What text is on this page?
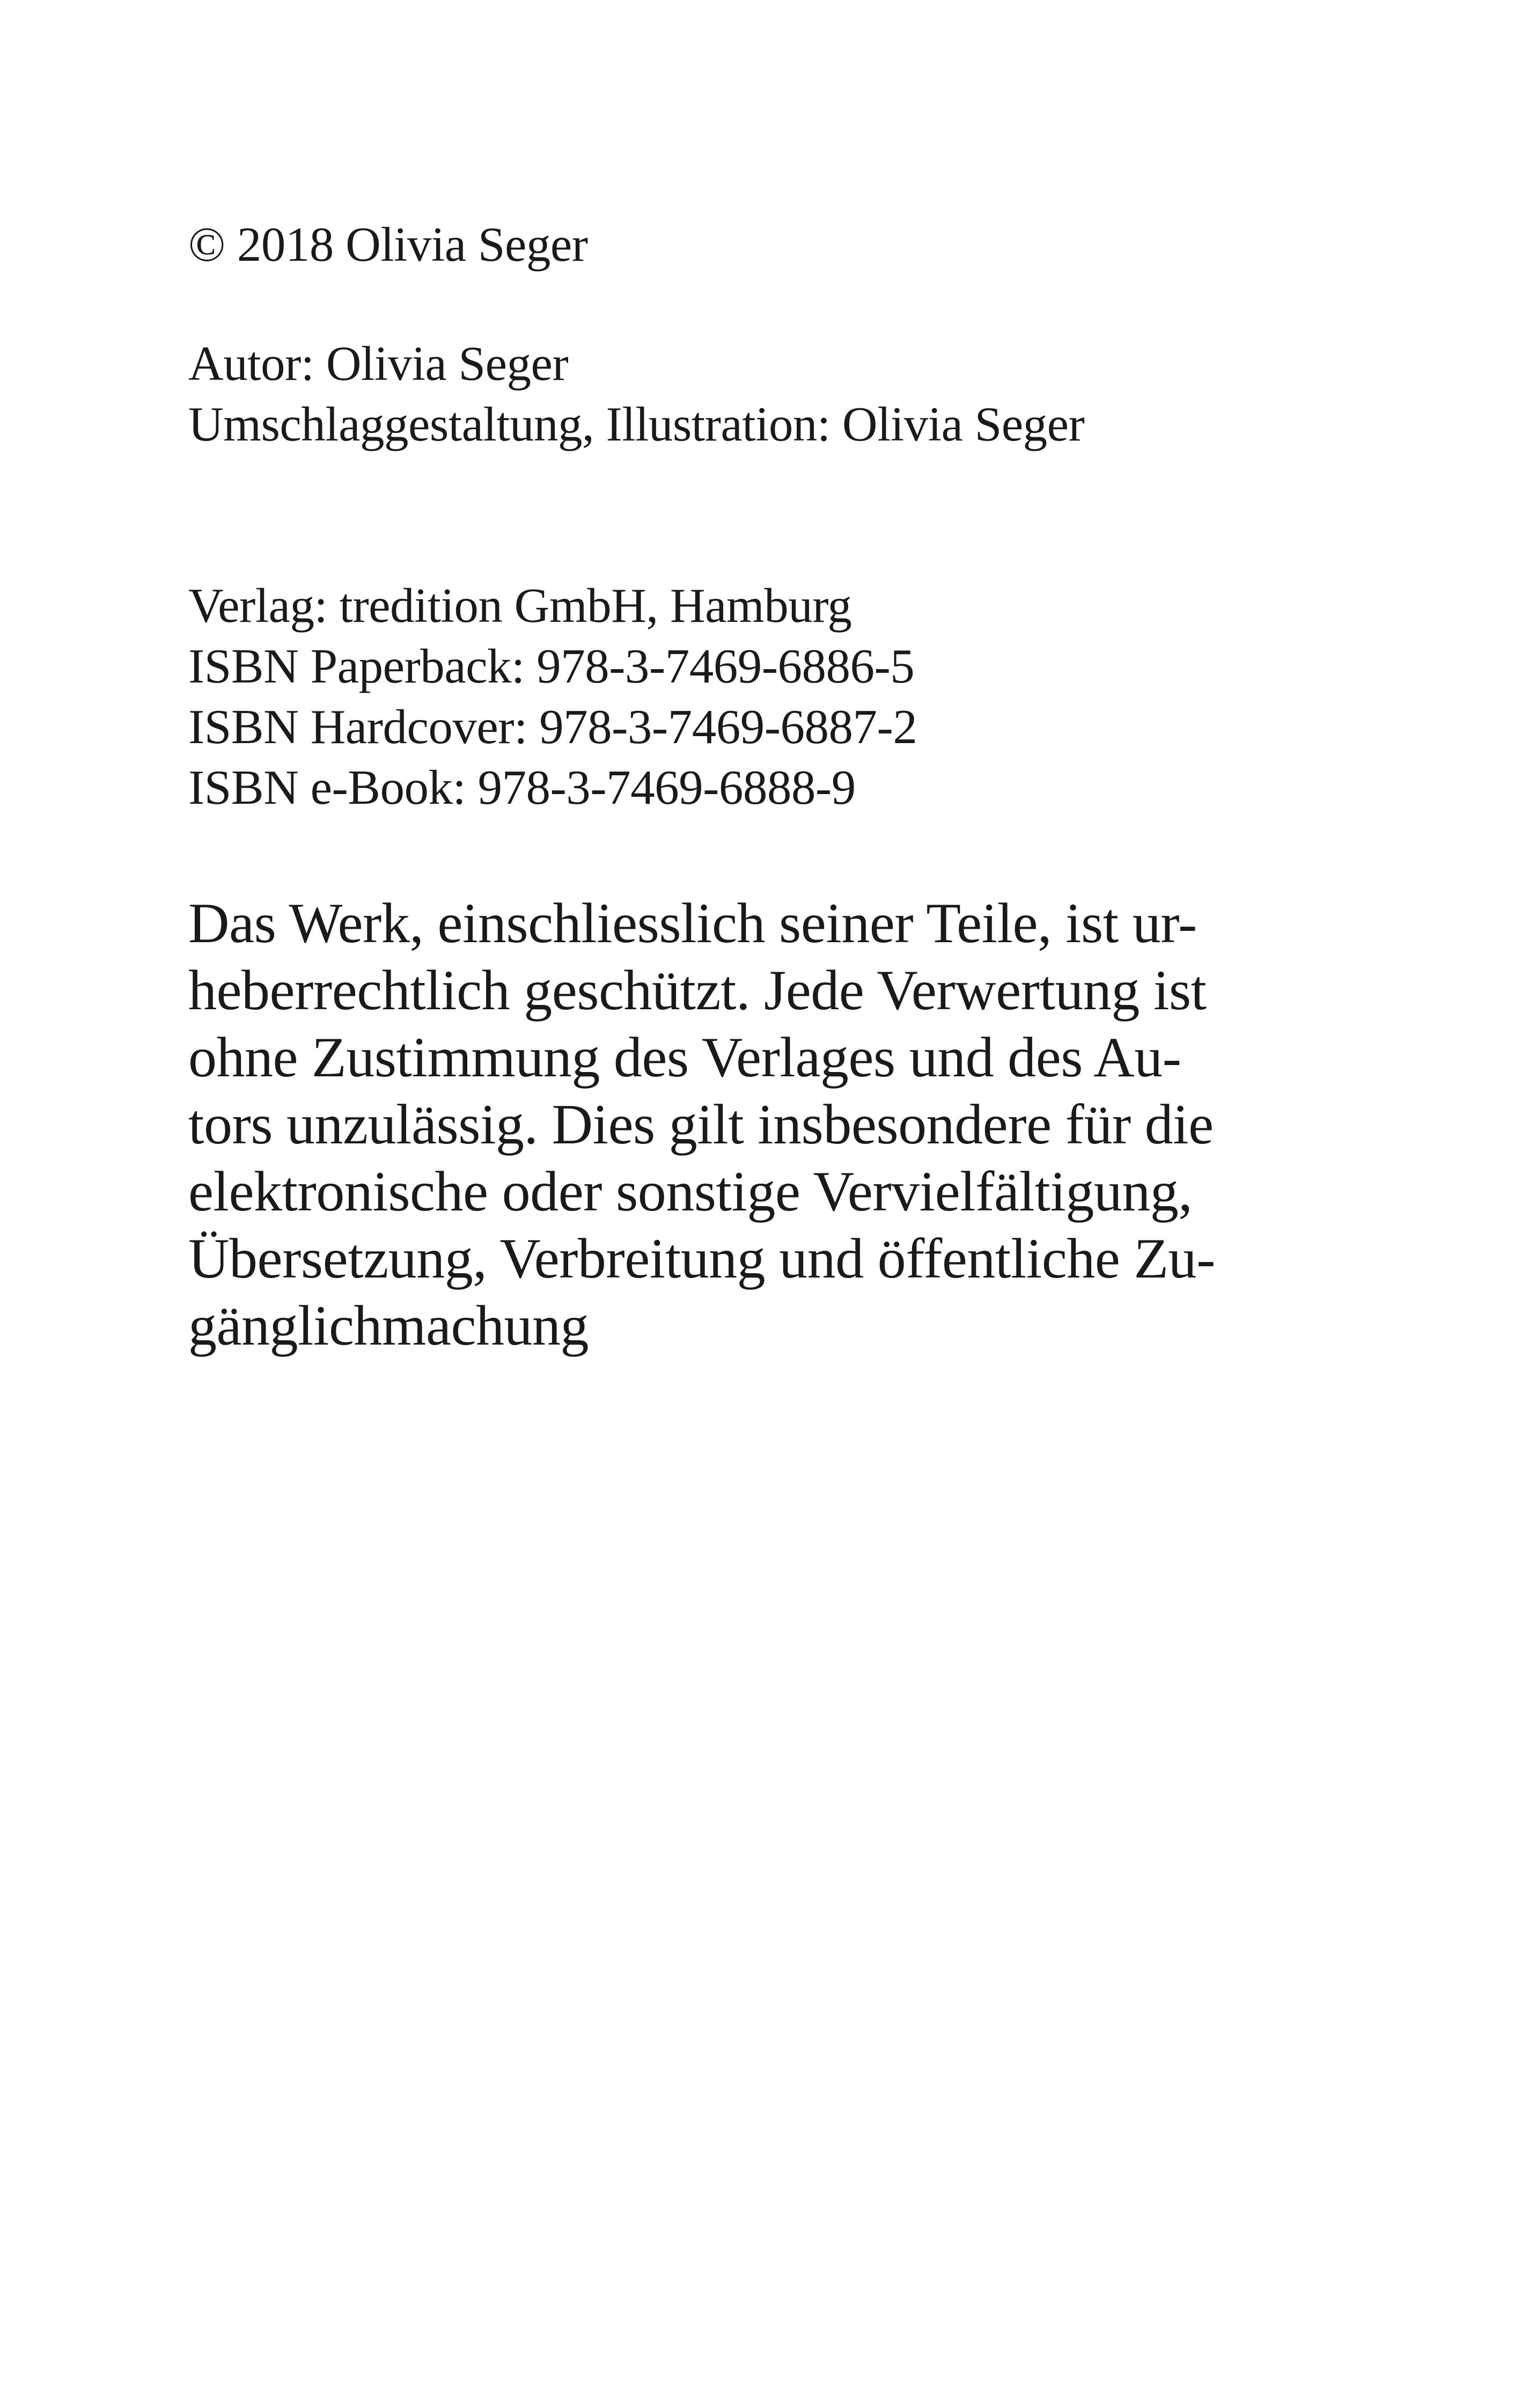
© 2018 Olivia Seger
Autor: Olivia Seger
Umschlaggestaltung, Illustration: Olivia Seger
Verlag: tredition GmbH, Hamburg
ISBN Paperback: 978-3-7469-6886-5
ISBN Hardcover: 978-3-7469-6887-2
ISBN e-Book: 978-3-7469-6888-9
Das Werk, einschliesslich seiner Teile, ist ur-
heberrechtlich geschützt. Jede Verwertung ist
ohne Zustimmung des Verlages und des Au-
tors unzulässig. Dies gilt insbesondere für die
elektronische oder sonstige Vervielfältigung,
Übersetzung, Verbreitung und öffentliche Zu-
gänglichmachung
